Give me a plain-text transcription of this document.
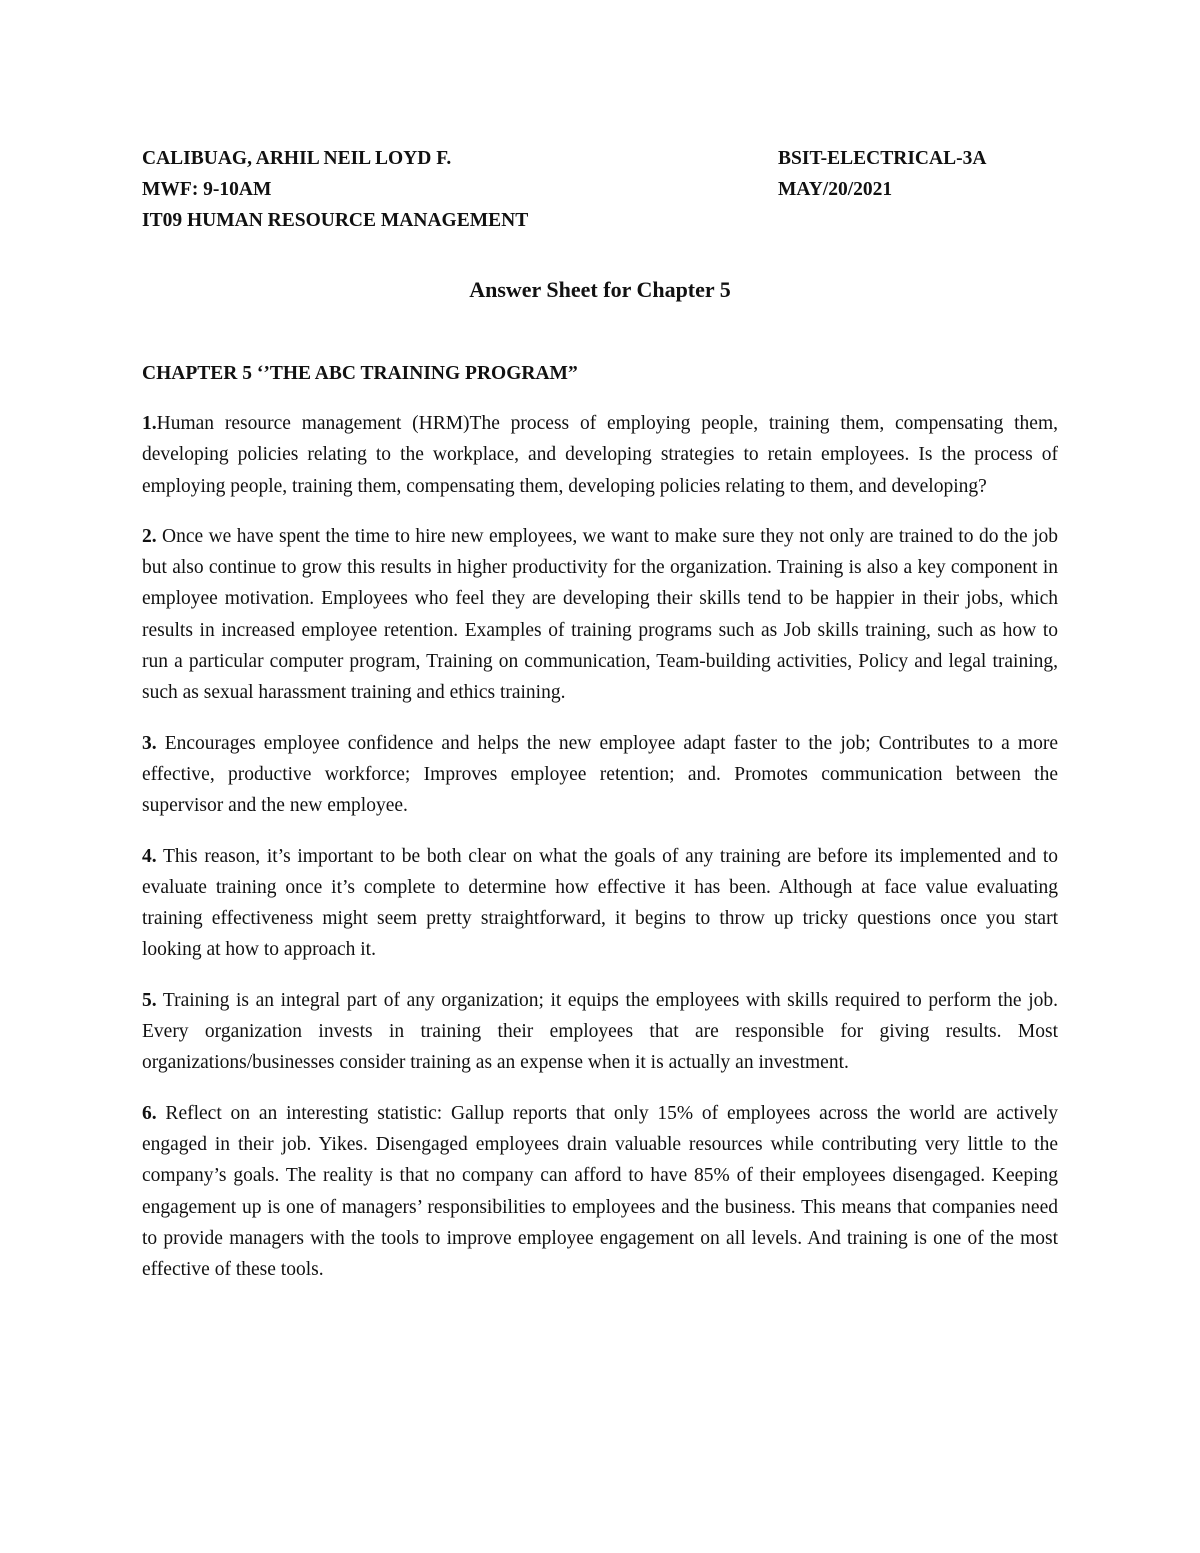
CALIBUAG, ARHIL NEIL LOYD F.	BSIT-ELECTRICAL-3A
MWF: 9-10AM	MAY/20/2021
IT09 HUMAN RESOURCE MANAGEMENT
Answer Sheet for Chapter 5
CHAPTER 5 ‘’THE ABC TRAINING PROGRAM”

1.Human resource management (HRM)The process of employing people, training them, compensating them, developing policies relating to the workplace, and developing strategies to retain employees. Is the process of employing people, training them, compensating them, developing policies relating to them, and developing?

2. Once we have spent the time to hire new employees, we want to make sure they not only are trained to do the job but also continue to grow this results in higher productivity for the organization. Training is also a key component in employee motivation. Employees who feel they are developing their skills tend to be happier in their jobs, which results in increased employee retention. Examples of training programs such as Job skills training, such as how to run a particular computer program, Training on communication, Team-building activities, Policy and legal training, such as sexual harassment training and ethics training.

3. Encourages employee confidence and helps the new employee adapt faster to the job; Contributes to a more effective, productive workforce; Improves employee retention; and. Promotes communication between the supervisor and the new employee.

4. This reason, it’s important to be both clear on what the goals of any training are before its implemented and to evaluate training once it’s complete to determine how effective it has been. Although at face value evaluating training effectiveness might seem pretty straightforward, it begins to throw up tricky questions once you start looking at how to approach it.

5. Training is an integral part of any organization; it equips the employees with skills required to perform the job. Every organization invests in training their employees that are responsible for giving results. Most organizations/businesses consider training as an expense when it is actually an investment.

6. Reflect on an interesting statistic: Gallup reports that only 15% of employees across the world are actively engaged in their job. Yikes. Disengaged employees drain valuable resources while contributing very little to the company’s goals. The reality is that no company can afford to have 85% of their employees disengaged. Keeping engagement up is one of managers’ responsibilities to employees and the business. This means that companies need to provide managers with the tools to improve employee engagement on all levels. And training is one of the most effective of these tools.
